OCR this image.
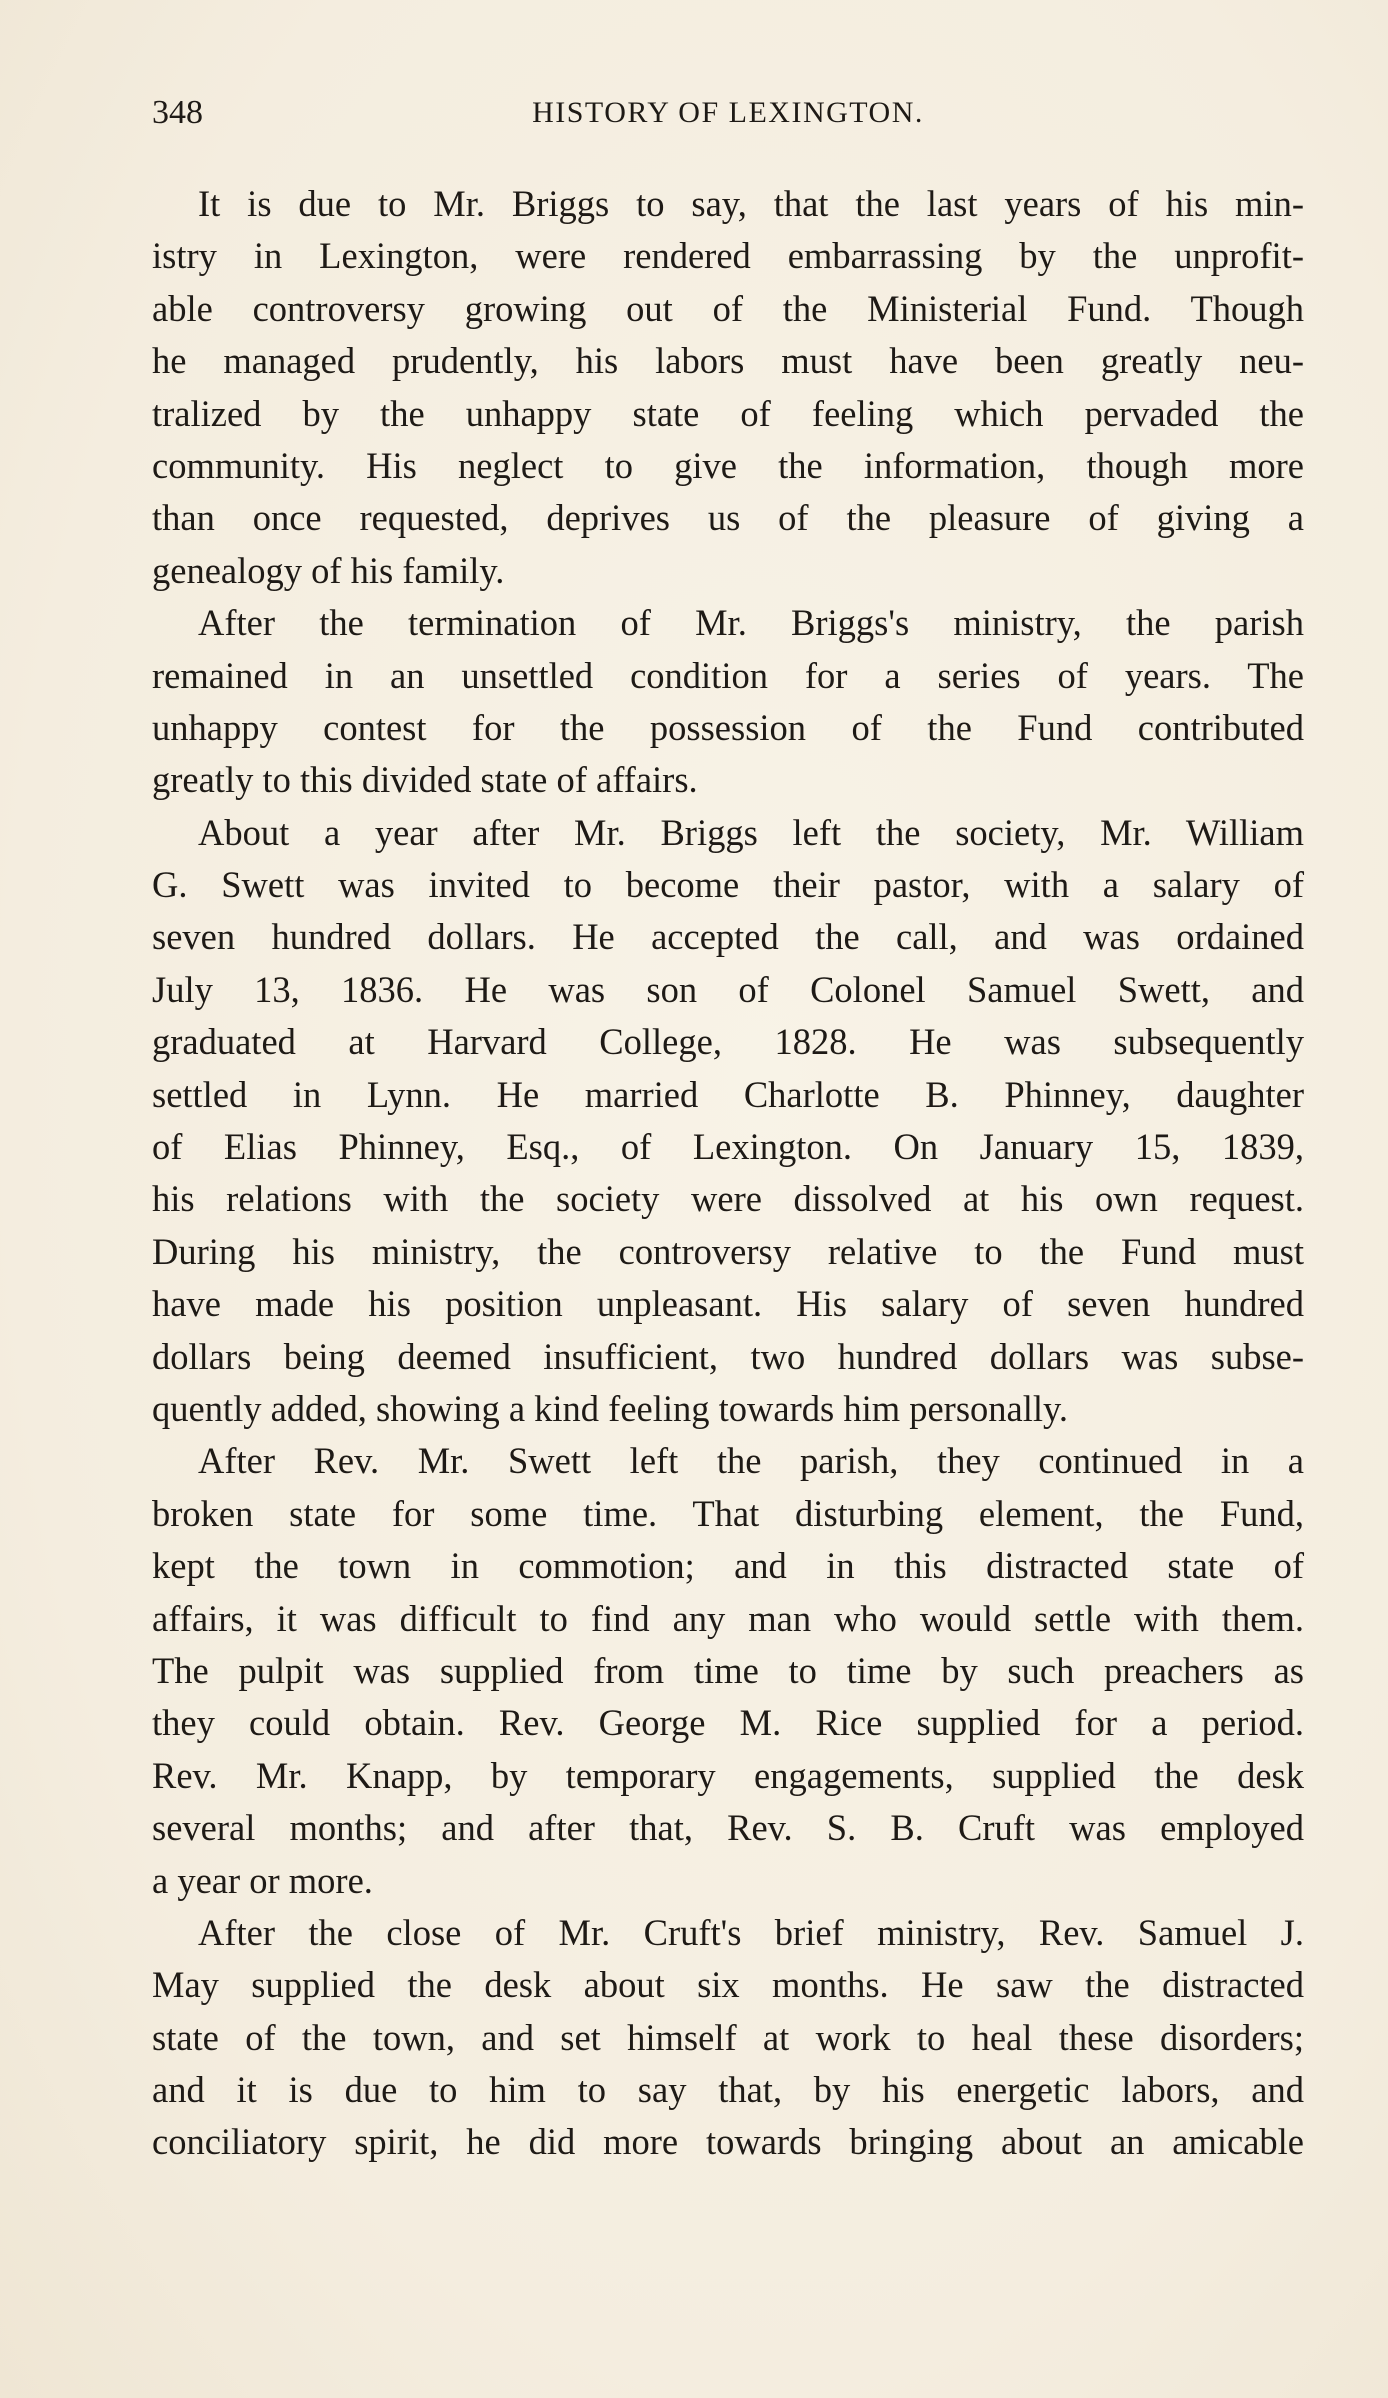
348	HISTORY OF LEXINGTON.
It is due to Mr. Briggs to say, that the last years of his min-
istry in Lexington, were rendered embarrassing by the unprofit-
able controversy growing out of the Ministerial Fund. Though
he managed prudently, his labors must have been greatly neu-
tralized by the unhappy state of feeling which pervaded the
community. His neglect to give the information, though more
than once requested, deprives us of the pleasure of giving a
genealogy of his family.
After the termination of Mr. Briggs's ministry, the parish
remained in an unsettled condition for a series of years. The
unhappy contest for the possession of the Fund contributed
greatly to this divided state of affairs.
About a year after Mr. Briggs left the society, Mr. William
G. Swett was invited to become their pastor, with a salary of
seven hundred dollars. He accepted the call, and was ordained
July 13, 1836. He was son of Colonel Samuel Swett, and
graduated at Harvard College, 1828. He was subsequently
settled in Lynn. He married Charlotte B. Phinney, daughter
of Elias Phinney, Esq., of Lexington. On January 15, 1839,
his relations with the society were dissolved at his own request.
During his ministry, the controversy relative to the Fund must
have made his position unpleasant. His salary of seven hundred
dollars being deemed insufficient, two hundred dollars was subse-
quently added, showing a kind feeling towards him personally.
After Rev. Mr. Swett left the parish, they continued in a
broken state for some time. That disturbing element, the Fund,
kept the town in commotion; and in this distracted state of
affairs, it was difficult to find any man who would settle with them.
The pulpit was supplied from time to time by such preachers as
they could obtain. Rev. George M. Rice supplied for a period.
Rev. Mr. Knapp, by temporary engagements, supplied the desk
several months; and after that, Rev. S. B. Cruft was employed
a year or more.
After the close of Mr. Cruft's brief ministry, Rev. Samuel J.
May supplied the desk about six months. He saw the distracted
state of the town, and set himself at work to heal these disorders;
and it is due to him to say that, by his energetic labors, and
conciliatory spirit, he did more towards bringing about an amicable
